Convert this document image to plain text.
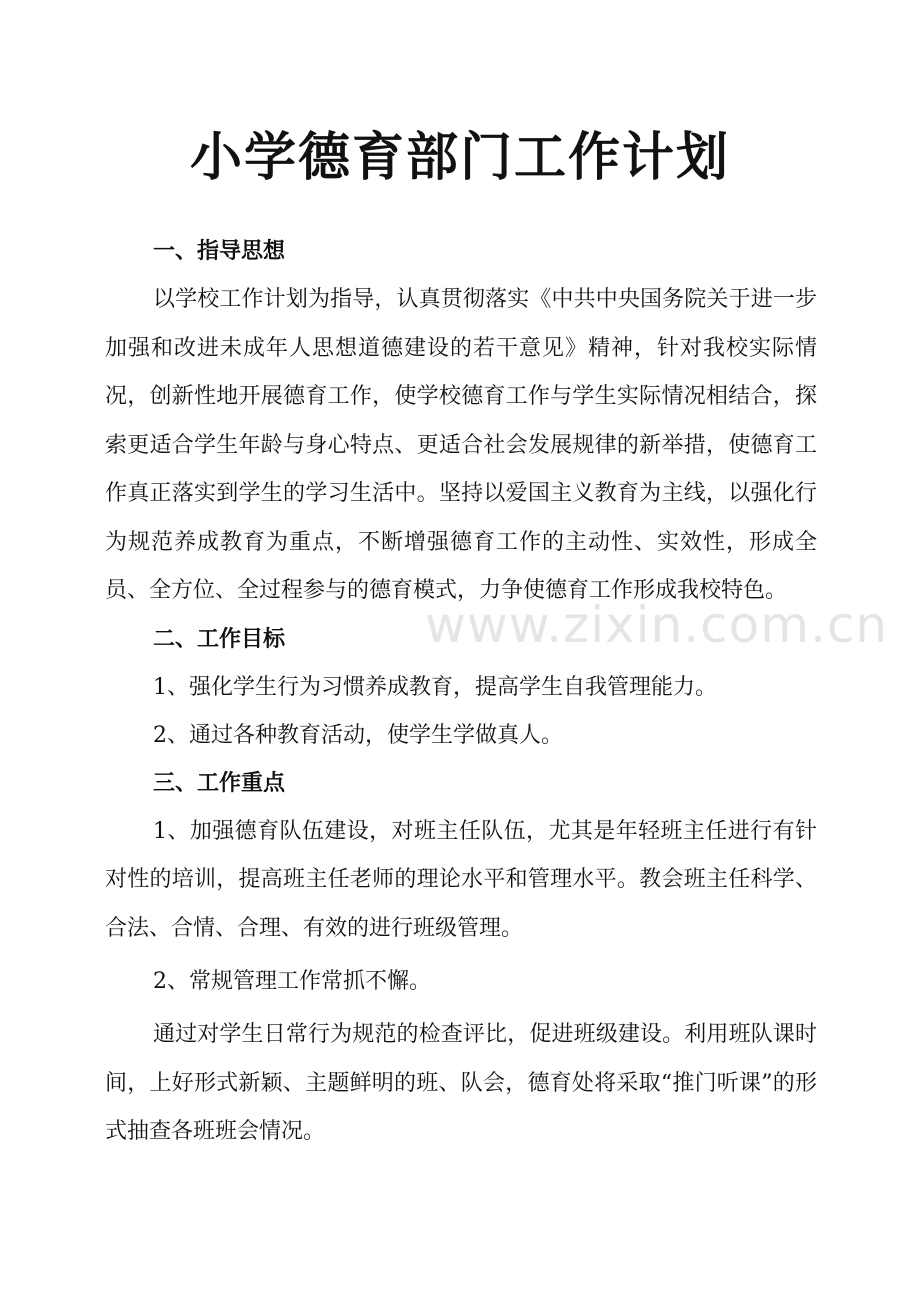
小学德育部门工作计划

一、指导思想

以学校工作计划为指导，认真贯彻落实《中共中央国务院关于进一步加强和改进未成年人思想道德建设的若干意见》精神，针对我校实际情况，创新性地开展德育工作，使学校德育工作与学生实际情况相结合，探索更适合学生年龄与身心特点、更适合社会发展规律的新举措，使德育工作真正落实到学生的学习生活中。坚持以爱国主义教育为主线，以强化行为规范养成教育为重点，不断增强德育工作的主动性、实效性，形成全员、全方位、全过程参与的德育模式，力争使德育工作形成我校特色。

二、工作目标

1、强化学生行为习惯养成教育，提高学生自我管理能力。

2、通过各种教育活动，使学生学做真人。

三、工作重点

1、加强德育队伍建设，对班主任队伍，尤其是年轻班主任进行有针对性的培训，提高班主任老师的理论水平和管理水平。教会班主任科学、合法、合情、合理、有效的进行班级管理。

2、常规管理工作常抓不懈。

通过对学生日常行为规范的检查评比，促进班级建设。利用班队课时间，上好形式新颖、主题鲜明的班、队会，德育处将采取“推门听课”的形式抽查各班班会情况。

www.zixin.com.cn
